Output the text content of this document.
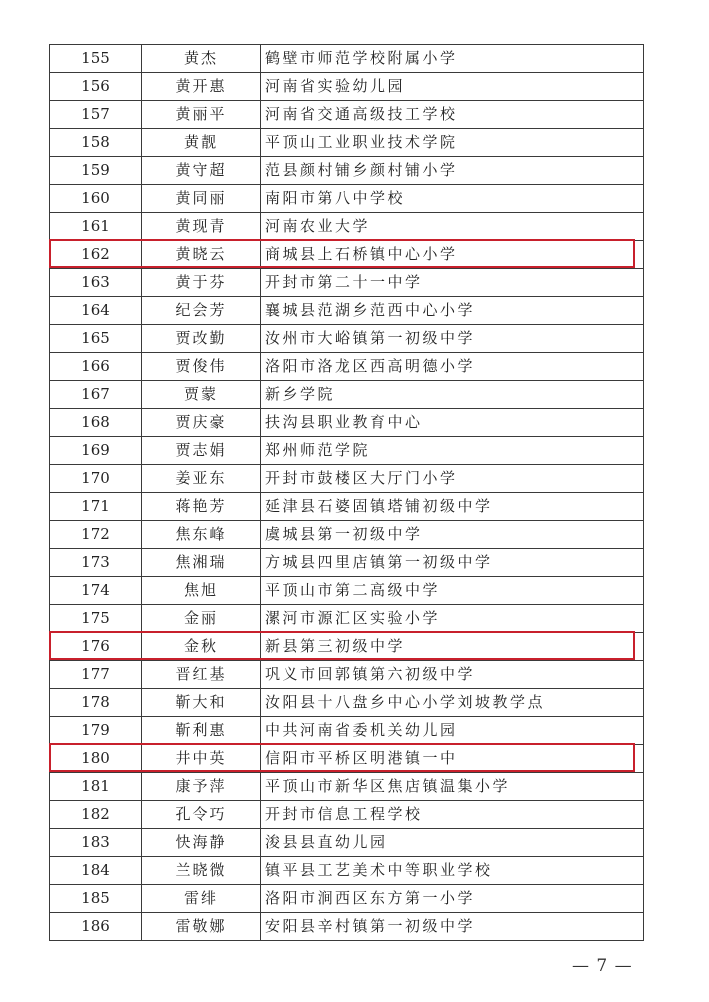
155	黄杰	鹤壁市师范学校附属小学
156	黄开惠	河南省实验幼儿园
157	黄丽平	河南省交通高级技工学校
158	黄靓	平顶山工业职业技术学院
159	黄守超	范县颜村铺乡颜村铺小学
160	黄同丽	南阳市第八中学校
161	黄现青	河南农业大学
162	黄晓云	商城县上石桥镇中心小学
163	黄于芬	开封市第二十一中学
164	纪会芳	襄城县范湖乡范西中心小学
165	贾改勤	汝州市大峪镇第一初级中学
166	贾俊伟	洛阳市洛龙区西高明德小学
167	贾蒙	新乡学院
168	贾庆豪	扶沟县职业教育中心
169	贾志娟	郑州师范学院
170	姜亚东	开封市鼓楼区大厅门小学
171	蒋艳芳	延津县石婆固镇塔铺初级中学
172	焦东峰	虞城县第一初级中学
173	焦湘瑞	方城县四里店镇第一初级中学
174	焦旭	平顶山市第二高级中学
175	金丽	漯河市源汇区实验小学
176	金秋	新县第三初级中学
177	晋红基	巩义市回郭镇第六初级中学
178	靳大和	汝阳县十八盘乡中心小学刘坡教学点
179	靳利惠	中共河南省委机关幼儿园
180	井中英	信阳市平桥区明港镇一中
181	康予萍	平顶山市新华区焦店镇温集小学
182	孔令巧	开封市信息工程学校
183	快海静	浚县县直幼儿园
184	兰晓微	镇平县工艺美术中等职业学校
185	雷绯	洛阳市涧西区东方第一小学
186	雷敬娜	安阳县辛村镇第一初级中学
— 7 —
